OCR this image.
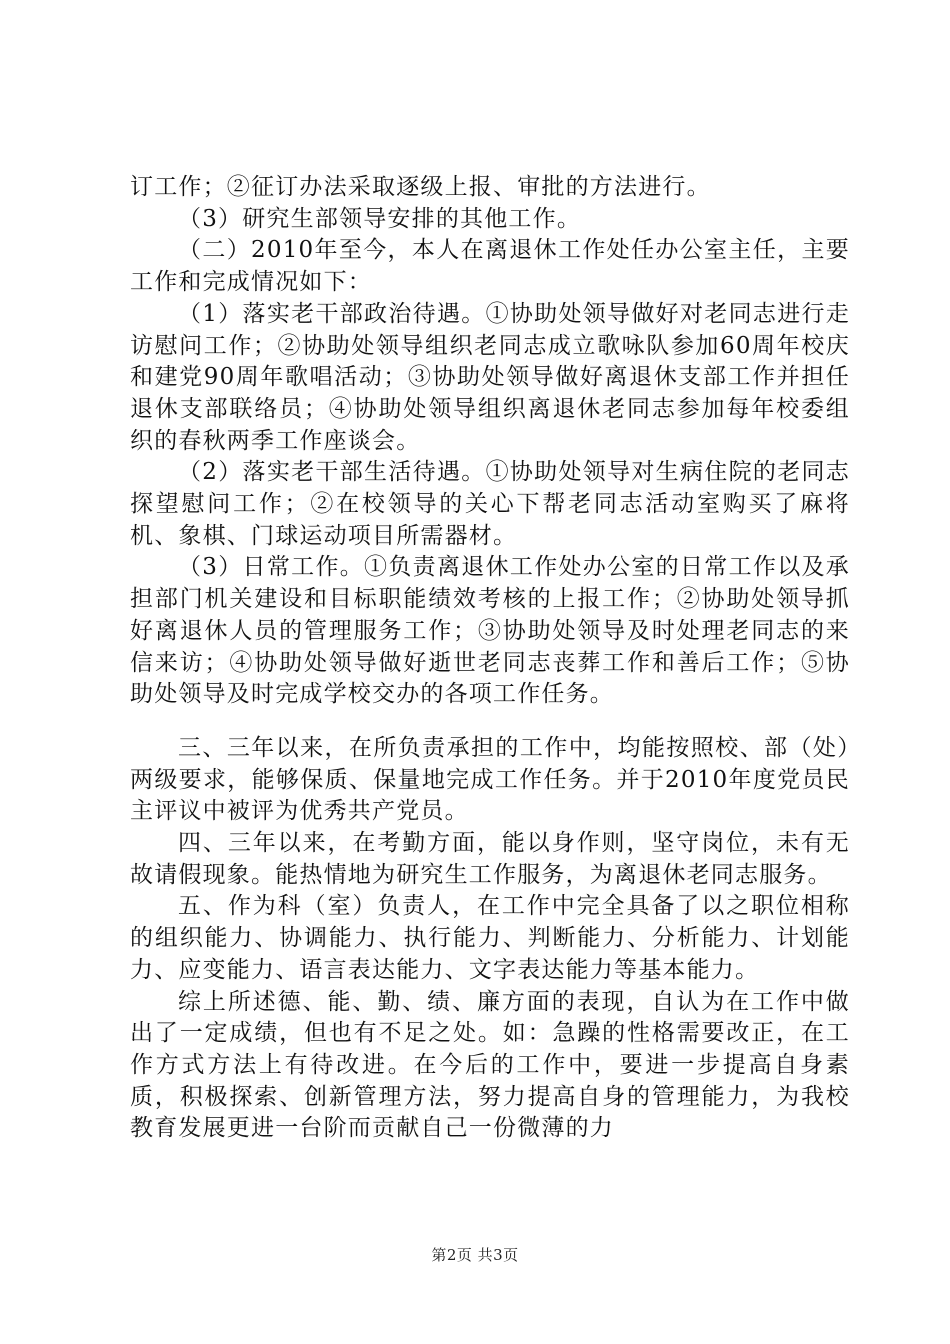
订工作；②征订办法采取逐级上报、审批的方法进行。

（3）研究生部领导安排的其他工作。

（二）2010年至今，本人在离退休工作处任办公室主任，主要工作和完成情况如下：

（1）落实老干部政治待遇。①协助处领导做好对老同志进行走访慰问工作；②协助处领导组织老同志成立歌咏队参加60周年校庆和建党90周年歌唱活动；③协助处领导做好离退休支部工作并担任退休支部联络员；④协助处领导组织离退休老同志参加每年校委组织的春秋两季工作座谈会。

（2）落实老干部生活待遇。①协助处领导对生病住院的老同志探望慰问工作；②在校领导的关心下帮老同志活动室购买了麻将机、象棋、门球运动项目所需器材。

（3）日常工作。①负责离退休工作处办公室的日常工作以及承担部门机关建设和目标职能绩效考核的上报工作；②协助处领导抓好离退休人员的管理服务工作；③协助处领导及时处理老同志的来信来访；④协助处领导做好逝世老同志丧葬工作和善后工作；⑤协助处领导及时完成学校交办的各项工作任务。

三、三年以来，在所负责承担的工作中，均能按照校、部（处）两级要求，能够保质、保量地完成工作任务。并于2010年度党员民主评议中被评为优秀共产党员。

四、三年以来，在考勤方面，能以身作则，坚守岗位，未有无故请假现象。能热情地为研究生工作服务，为离退休老同志服务。

五、作为科（室）负责人，在工作中完全具备了以之职位相称的组织能力、协调能力、执行能力、判断能力、分析能力、计划能力、应变能力、语言表达能力、文字表达能力等基本能力。

综上所述德、能、勤、绩、廉方面的表现，自认为在工作中做出了一定成绩，但也有不足之处。如：急躁的性格需要改正，在工作方式方法上有待改进。在今后的工作中，要进一步提高自身素质，积极探索、创新管理方法，努力提高自身的管理能力，为我校教育发展更进一台阶而贡献自己一份微薄的力

第2页 共3页
